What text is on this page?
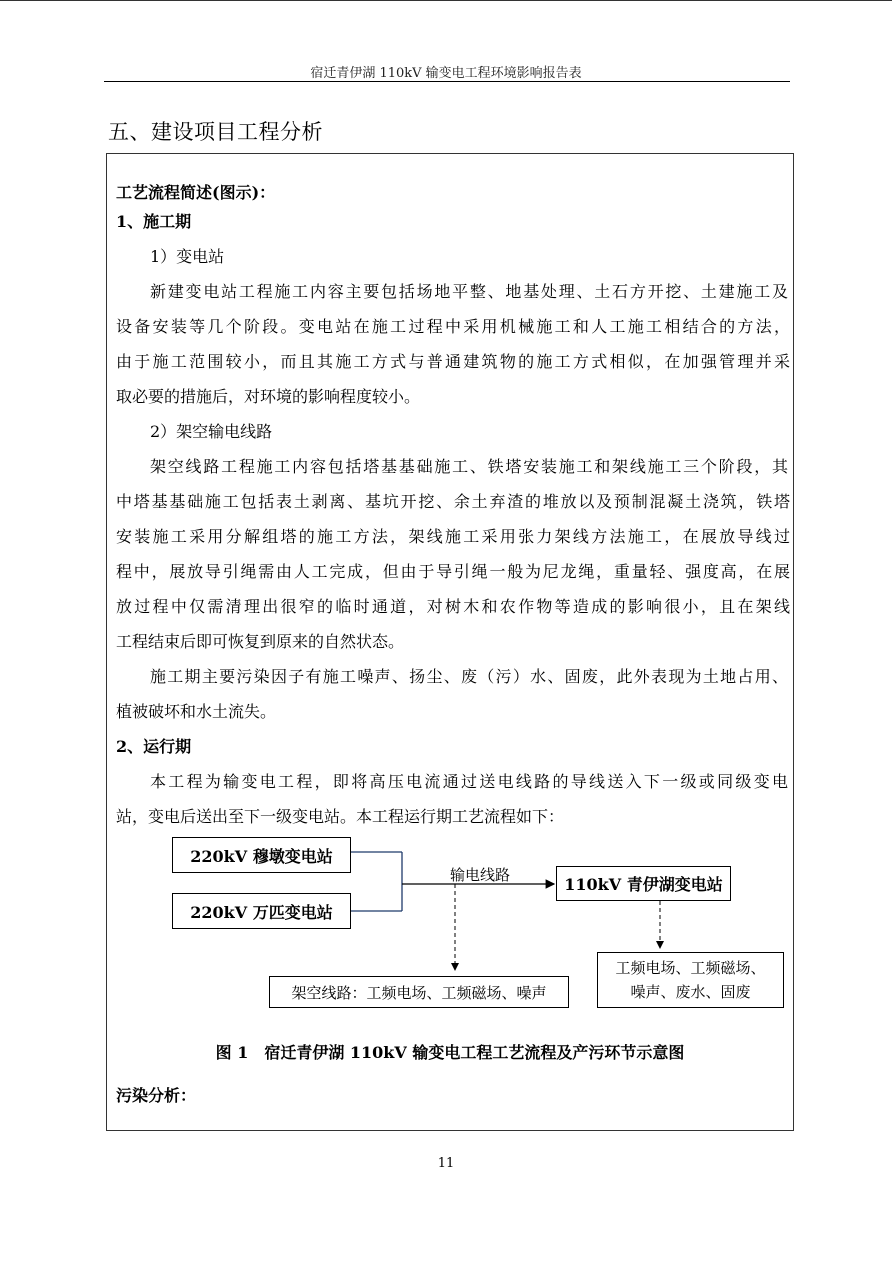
宿迁青伊湖 110kV 输变电工程环境影响报告表
五、建设项目工程分析
工艺流程简述(图示)：
1、施工期
1）变电站
新建变电站工程施工内容主要包括场地平整、地基处理、土石方开挖、土建施工及
设备安装等几个阶段。变电站在施工过程中采用机械施工和人工施工相结合的方法，
由于施工范围较小，而且其施工方式与普通建筑物的施工方式相似，在加强管理并采
取必要的措施后，对环境的影响程度较小。
2）架空输电线路
架空线路工程施工内容包括塔基基础施工、铁塔安装施工和架线施工三个阶段，其
中塔基基础施工包括表土剥离、基坑开挖、余土弃渣的堆放以及预制混凝土浇筑，铁塔
安装施工采用分解组塔的施工方法，架线施工采用张力架线方法施工，在展放导线过
程中，展放导引绳需由人工完成，但由于导引绳一般为尼龙绳，重量轻、强度高，在展
放过程中仅需清理出很窄的临时通道，对树木和农作物等造成的影响很小，且在架线
工程结束后即可恢复到原来的自然状态。
施工期主要污染因子有施工噪声、扬尘、废（污）水、固废，此外表现为土地占用、
植被破坏和水土流失。
2、运行期
本工程为输变电工程，即将高压电流通过送电线路的导线送入下一级或同级变电
站，变电后送出至下一级变电站。本工程运行期工艺流程如下：
220kV 穆墩变电站
220kV 万匹变电站
输电线路	110kV 青伊湖变电站
架空线路：工频电场、工频磁场、噪声
工频电场、工频磁场、
噪声、废水、固废
图 1　宿迁青伊湖 110kV 输变电工程工艺流程及产污环节示意图
污染分析：
11
